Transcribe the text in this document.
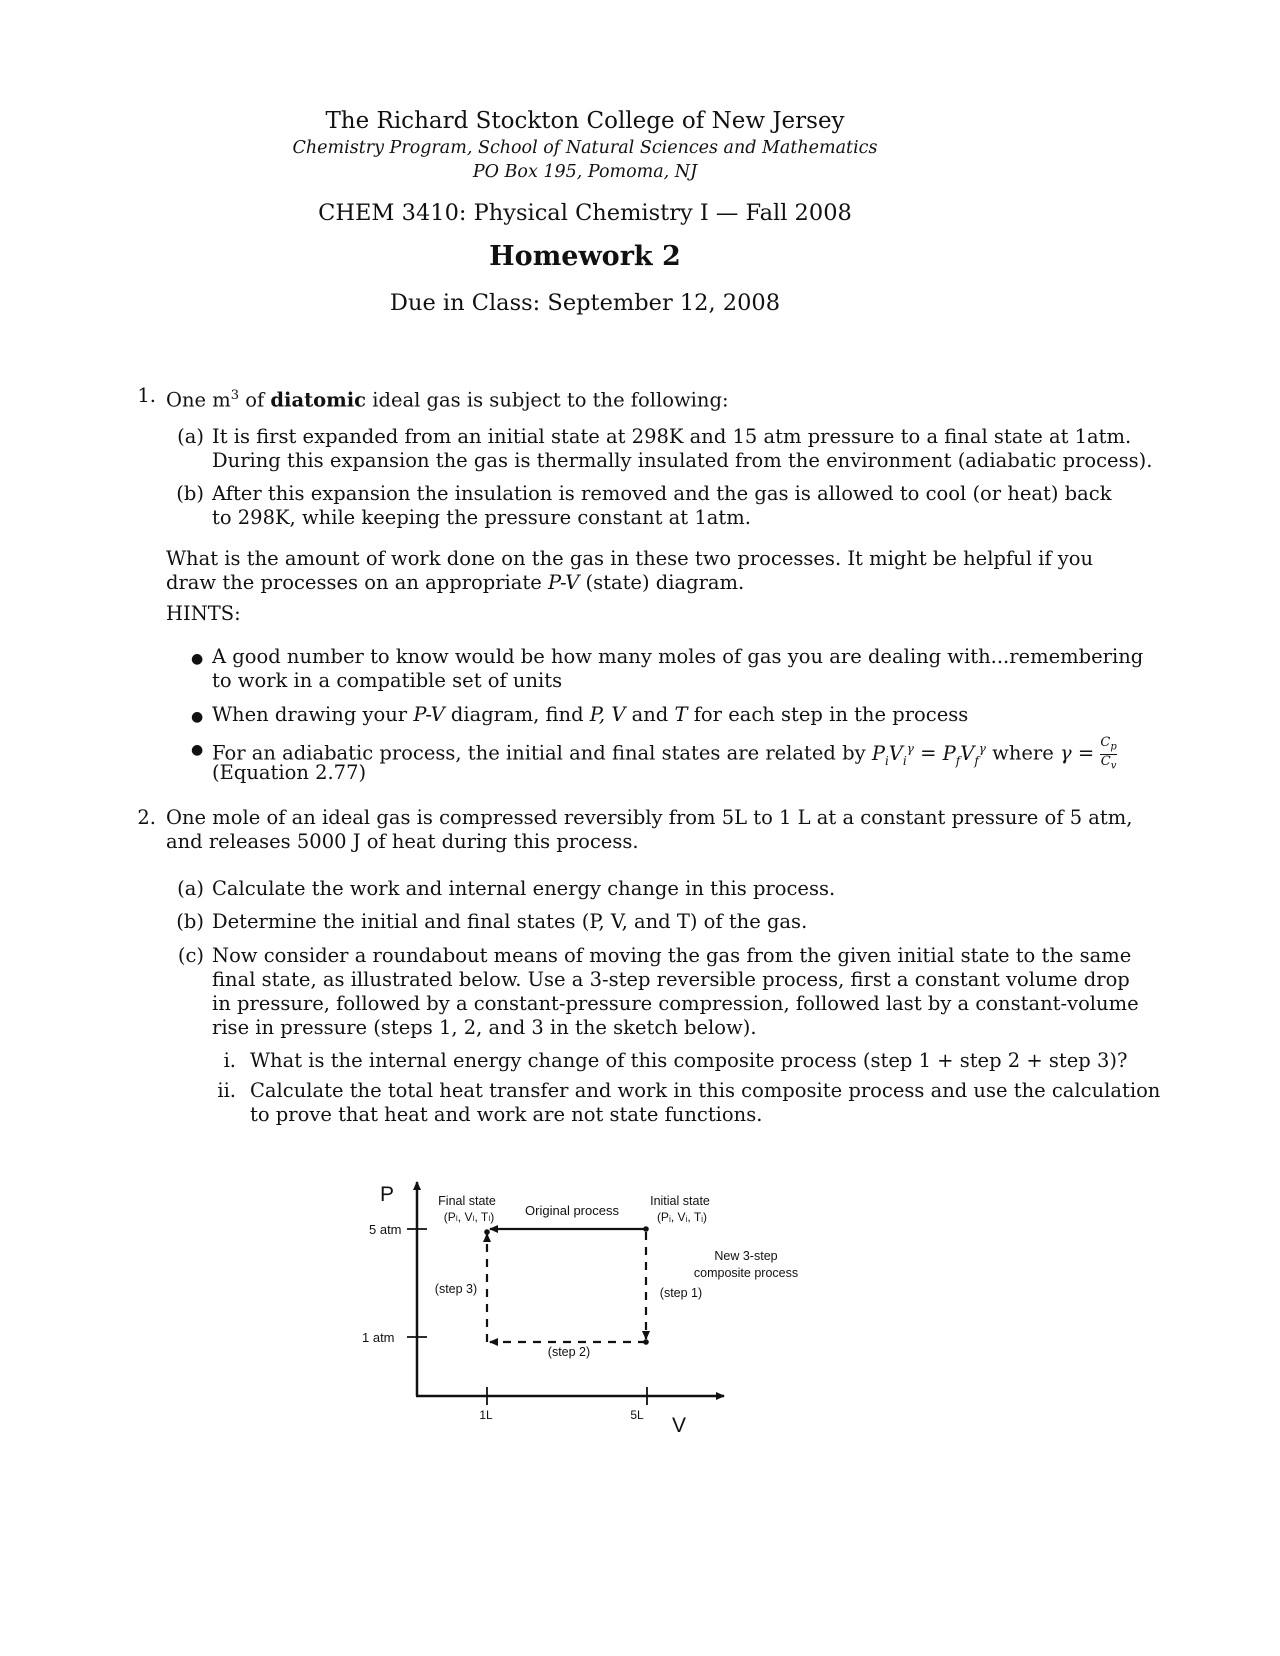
The Richard Stockton College of New Jersey
Chemistry Program, School of Natural Sciences and Mathematics
PO Box 195, Pomoma, NJ
CHEM 3410: Physical Chemistry I — Fall 2008
Homework 2
Due in Class: September 12, 2008
1. One $m^3$ of diatomic ideal gas is subject to the following:
(a) It is first expanded from an initial state at 298K and 15 atm pressure to a final state at 1atm.
During this expansion the gas is thermally insulated from the environment (adiabatic process).
(b) After this expansion the insulation is removed and the gas is allowed to cool (or heat) back
to 298K, while keeping the pressure constant at 1atm.
What is the amount of work done on the gas in these two processes. It might be helpful if you
draw the processes on an appropriate P-V (state) diagram.
HINTS:
● A good number to know would be how many moles of gas you are dealing with...remembering
to work in a compatible set of units
● When drawing your P-V diagram, find P, V and T for each step in the process
● For an adiabatic process, the initial and final states are related by $P_iV_i^\gamma = P_fV_f^\gamma$ where $\gamma = \frac{C_p}{C_v}$
(Equation 2.77)
2. One mole of an ideal gas is compressed reversibly from 5L to 1 L at a constant pressure of 5 atm,
and releases 5000 J of heat during this process.
(a) Calculate the work and internal energy change in this process.
(b) Determine the initial and final states (P, V, and T) of the gas.
(c) Now consider a roundabout means of moving the gas from the given initial state to the same
final state, as illustrated below. Use a 3-step reversible process, first a constant volume drop
in pressure, followed by a constant-pressure compression, followed last by a constant-volume
rise in pressure (steps 1, 2, and 3 in the sketch below).
i. What is the internal energy change of this composite process (step 1 + step 2 + step 3)?
ii. Calculate the total heat transfer and work in this composite process and use the calculation
to prove that heat and work are not state functions.
P
V
5 atm
1 atm
1L	5L
Final state
(Pₗ, Vₗ, Tₗ) Original process
Initial state
(Pᵢ, Vᵢ, Tᵢ)
New 3-step
composite process
(step 1)
(step 2)
(step 3)
